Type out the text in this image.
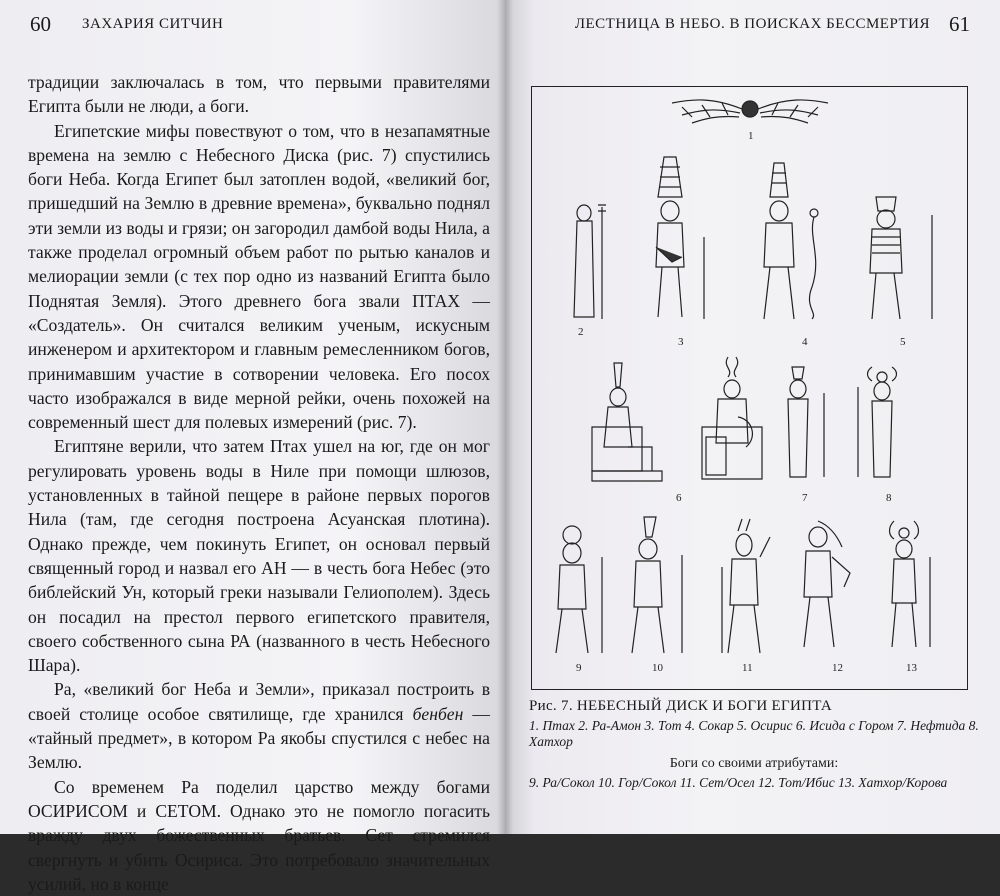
60 ЗАХАРИЯ СИТЧИН

традиции заключалась в том, что первыми правителями Египта были не люди, а боги.

Египетские мифы повествуют о том, что в незапамятные времена на землю с Небесного Диска (рис. 7) спустились боги Неба. Когда Египет был затоплен водой, «великий бог, пришедший на Землю в древние времена», буквально поднял эти земли из воды и грязи; он загородил дамбой воды Нила, а также проделал огромный объем работ по рытью каналов и мелиорации земли (с тех пор одно из названий Египта было Поднятая Земля). Этого древнего бога звали ПТАХ — «Создатель». Он считался великим ученым, искусным инженером и архитектором и главным ремесленником богов, принимавшим участие в сотворении человека. Его посох часто изображался в виде мерной рейки, очень похожей на современный шест для полевых измерений (рис. 7).

Египтяне верили, что затем Птах ушел на юг, где он мог регулировать уровень воды в Ниле при помощи шлюзов, установленных в тайной пещере в районе первых порогов Нила (там, где сегодня построена Асуанская плотина). Однако прежде, чем покинуть Египет, он основал первый священный город и назвал его АН — в честь бога Небес (это библейский Ун, который греки называли Гелиополем). Здесь он посадил на престол первого египетского правителя, своего собственного сына РА (названного в честь Небесного Шара).

Ра, «великий бог Неба и Земли», приказал построить в своей столице особое святилище, где хранился бенбен — «тайный предмет», в котором Ра якобы спустился с небес на Землю.

Со временем Ра поделил царство между богами ОСИРИСОМ и СЕТОМ. Однако это не помогло погасить вражду двух божественных братьев. Сет стремился свергнуть и убить Осириса. Это потребовало значительных усилий, но в конце

ЛЕСТНИЦА В НЕБО. В ПОИСКАХ БЕССМЕРТИЯ 61
1
2
3	4	5
6	7	8
9	10	11	12	13
Рис. 7. НЕБЕСНЫЙ ДИСК И БОГИ ЕГИПТА
1. Птах 2. Ра-Амон 3. Тот 4. Сокар 5. Осирис 6. Исида с Гором 7. Нефтида 8. Хатхор
Боги со своими атрибутами:
9. Ра/Сокол 10. Гор/Сокол 11. Сет/Осел 12. Тот/Ибис 13. Хатхор/Корова
